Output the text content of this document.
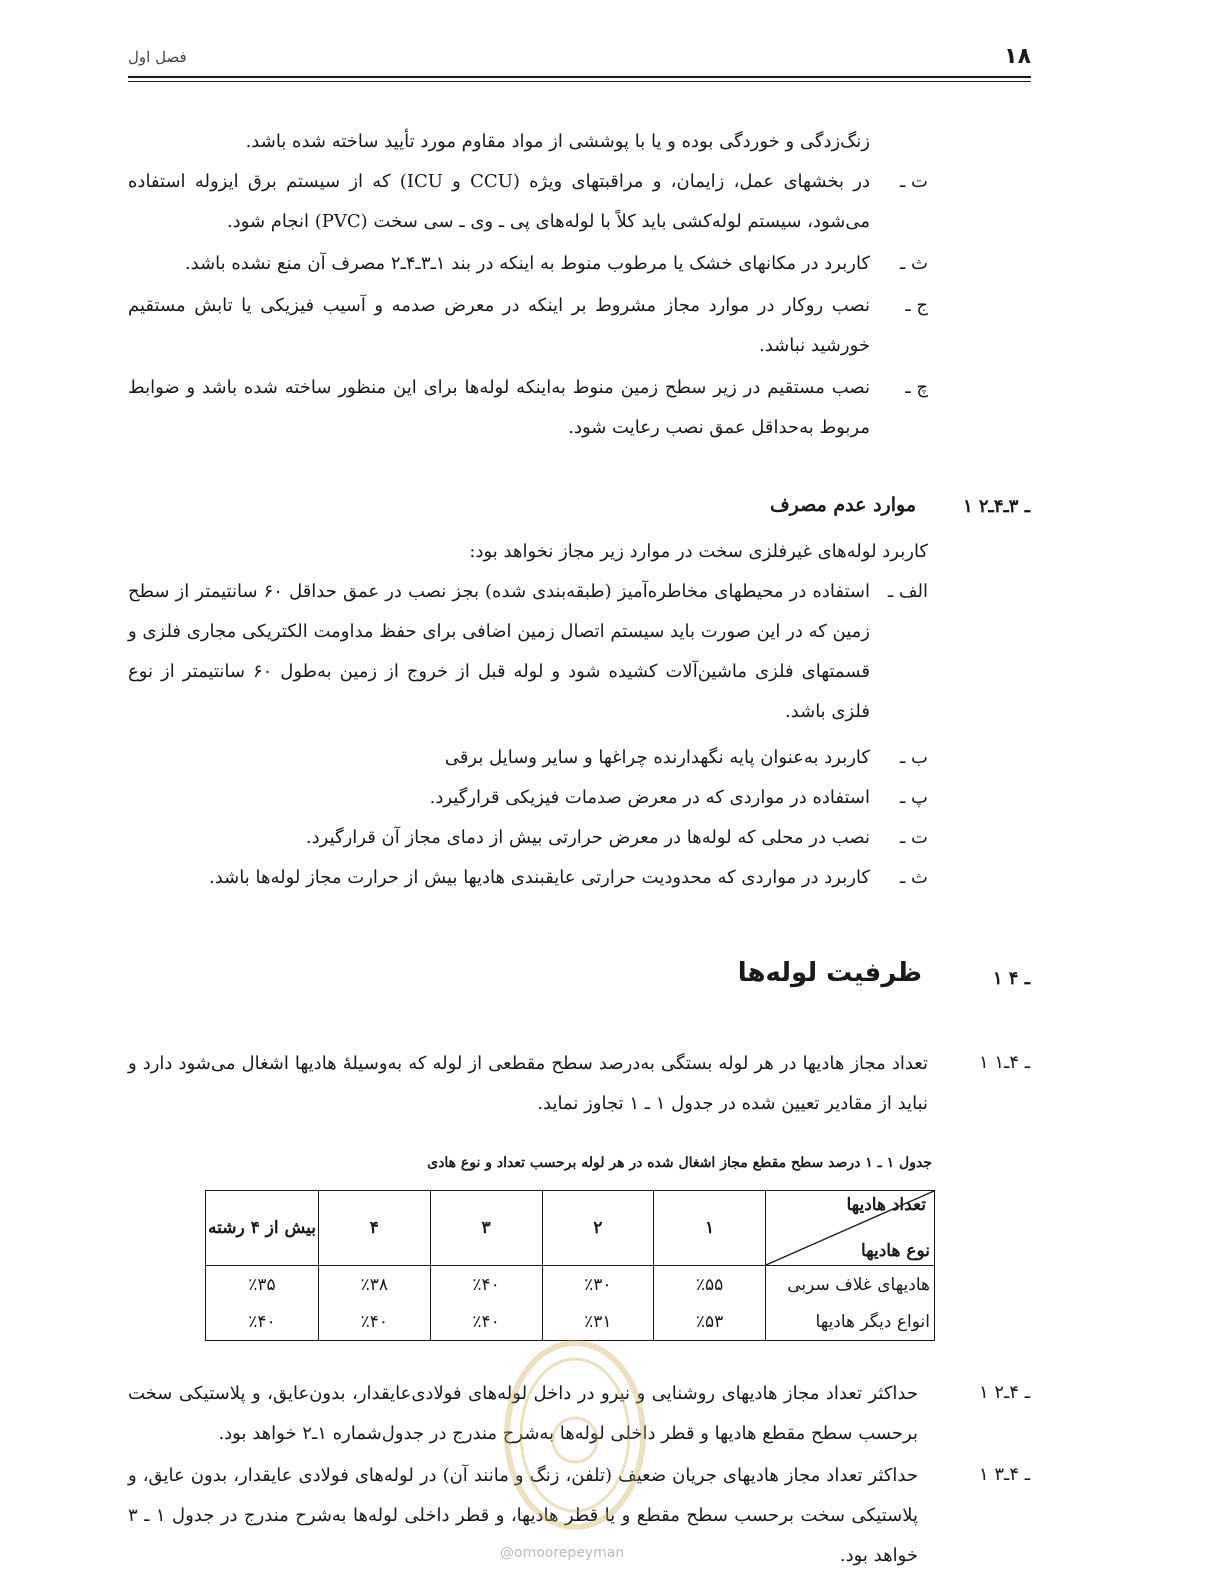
۱۸
فصل اول
زنگ‌زدگی و خوردگی بوده و یا با پوششی از مواد مقاوم مورد تأیید ساخته شده باشد.
ت ـ
در بخشهای عمل، زایمان، و مراقبتهای ویژه (CCU و ICU) که از سیستم برق ایزوله استفاده می‌شود، سیستم لوله‌کشی باید کلاً با لوله‌های پی ـ وی ـ سی سخت (PVC) انجام شود.
ث ـ
کاربرد در مکانهای خشک یا مرطوب منوط به اینکه در بند ۱ـ۳ـ۴ـ۲ مصرف آن منع نشده باشد.
ج ـ
نصب روکار در موارد مجاز مشروط بر اینکه در معرض صدمه و آسیب فیزیکی یا تابش مستقیم خورشید نباشد.
چ ـ
نصب مستقیم در زیر سطح زمین منوط به‌اینکه لوله‌ها برای این منظور ساخته شده باشد و ضوابط مربوط به‌حداقل عمق نصب رعایت شود.
۱ ـ ۳ـ۴ـ۲
موارد عدم مصرف
کاربرد لوله‌های غیرفلزی سخت در موارد زیر مجاز نخواهد بود:
الف ـ
استفاده در محیطهای مخاطره‌آمیز (طبقه‌بندی شده) بجز نصب در عمق حداقل ۶۰ سانتیمتر از سطح زمین که در این صورت باید سیستم اتصال زمین اضافی برای حفظ مداومت الکتریکی مجاری فلزی و قسمتهای فلزی ماشین‌آلات کشیده شود و لوله قبل از خروج از زمین به‌طول ۶۰ سانتیمتر از نوع فلزی باشد.
ب ـ
کاربرد به‌عنوان پایه نگهدارنده چراغها و سایر وسایل برقی
پ ـ
استفاده در مواردی که در معرض صدمات فیزیکی قرارگیرد.
ت ـ
نصب در محلی که لوله‌ها در معرض حرارتی بیش از دمای مجاز آن قرارگیرد.
ث ـ
کاربرد در مواردی که محدودیت حرارتی عایقبندی هادیها بیش از حرارت مجاز لوله‌ها باشد.
۱ ـ ۴
ظرفیت لوله‌ها
۱ ـ ۴ـ۱
تعداد مجاز هادیها در هر لوله بستگی به‌درصد سطح مقطعی از لوله که به‌وسیلهٔ هادیها اشغال می‌شود دارد و نباید از مقادیر تعیین شده در جدول ۱ ـ ۱ تجاوز نماید.
جدول ۱ ـ ۱ درصد سطح مقطع مجاز اشغال شده در هر لوله برحسب تعداد و نوع هادی
تعداد هادیها
نوع هادیها	۱	۲	۳	۴	بیش از ۴ رشته
هادیهای غلاف سربی	٪۵۵	٪۳۰	٪۴۰	٪۳۸	٪۳۵
انواع دیگر هادیها	٪۵۳	٪۳۱	٪۴۰	٪۴۰	٪۴۰
۱ ـ ۴ـ۲
حداکثر تعداد مجاز هادیهای روشنایی و نیرو در داخل لوله‌های فولادی‌عایقدار، بدون‌عایق، و پلاستیکی سخت برحسب سطح مقطع هادیها و قطر داخلی لوله‌ها به‌شرح مندرج در جدول‌شماره ۱ـ۲ خواهد بود.
۱ ـ ۴ـ۳
حداکثر تعداد مجاز هادیهای جریان ضعیف (تلفن، زنگ و مانند آن) در لوله‌های فولادی عایقدار، بدون عایق، و پلاستیکی سخت برحسب سطح مقطع و یا قطر هادیها، و قطر داخلی لوله‌ها به‌شرح مندرج در جدول ۱ ـ ۳ خواهد بود.
@omoorepeyman
